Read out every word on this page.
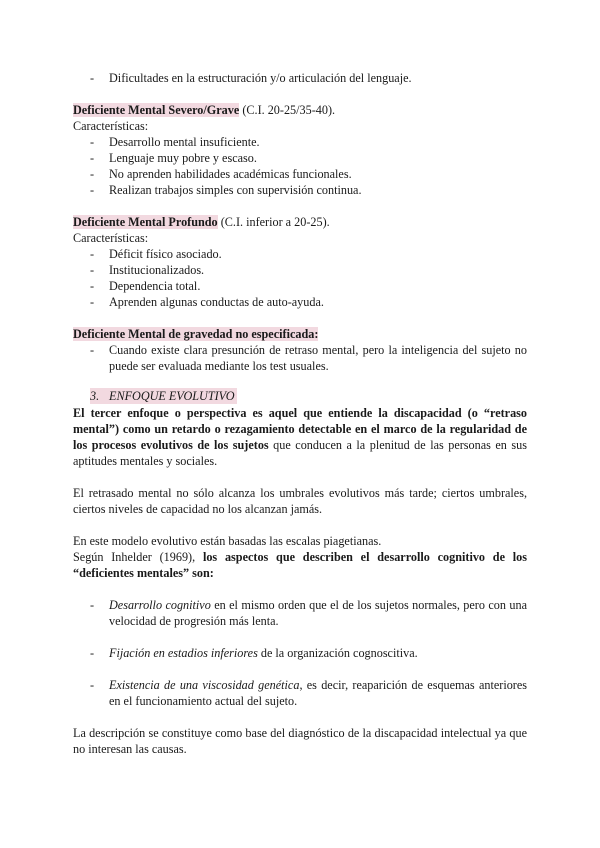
- Dificultades en la estructuración y/o articulación del lenguaje.
Deficiente Mental Severo/Grave (C.I. 20-25/35-40).
Características:
- Desarrollo mental insuficiente.
- Lenguaje muy pobre y escaso.
- No aprenden habilidades académicas funcionales.
- Realizan trabajos simples con supervisión continua.
Deficiente Mental Profundo (C.I. inferior a 20-25).
Características:
- Déficit físico asociado.
- Institucionalizados.
- Dependencia total.
- Aprenden algunas conductas de auto-ayuda.
Deficiente Mental de gravedad no especificada:
- Cuando existe clara presunción de retraso mental, pero la inteligencia del sujeto no puede ser evaluada mediante los test usuales.
3. ENFOQUE EVOLUTIVO
El tercer enfoque o perspectiva es aquel que entiende la discapacidad (o “retraso mental”) como un retardo o rezagamiento detectable en el marco de la regularidad de los procesos evolutivos de los sujetos que conducen a la plenitud de las personas en sus aptitudes mentales y sociales.
El retrasado mental no sólo alcanza los umbrales evolutivos más tarde; ciertos umbrales, ciertos niveles de capacidad no los alcanzan jamás.
En este modelo evolutivo están basadas las escalas piagetianas.
Según Inhelder (1969), los aspectos que describen el desarrollo cognitivo de los “deficientes mentales” son:
- Desarrollo cognitivo en el mismo orden que el de los sujetos normales, pero con una velocidad de progresión más lenta.
- Fijación en estadios inferiores de la organización cognoscitiva.
- Existencia de una viscosidad genética, es decir, reaparición de esquemas anteriores en el funcionamiento actual del sujeto.
La descripción se constituye como base del diagnóstico de la discapacidad intelectual ya que no interesan las causas.
